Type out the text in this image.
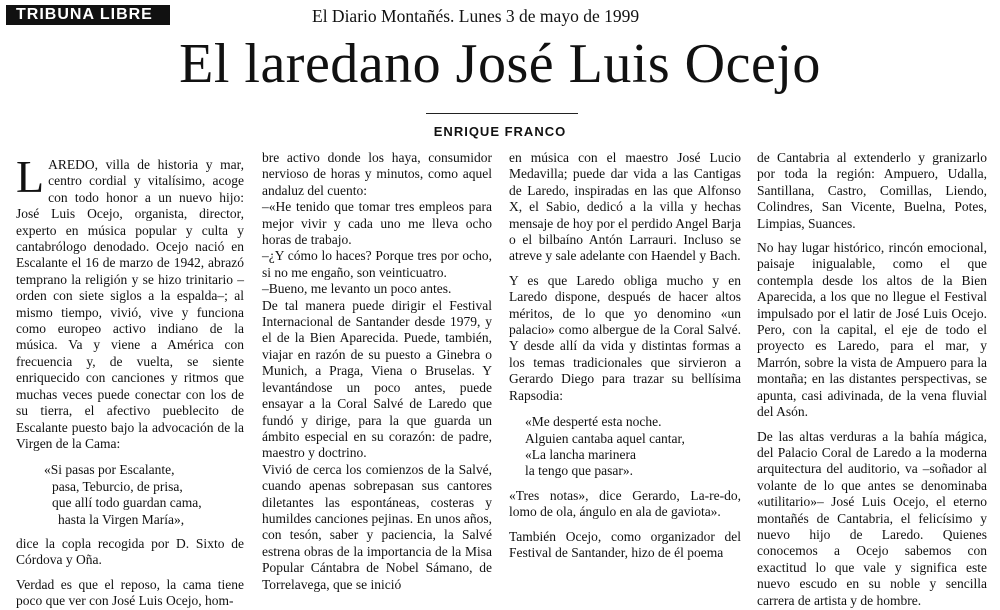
TRIBUNA LIBRE	El Diario Montañés. Lunes 3 de mayo de 1999
El laredano José Luis Ocejo
ENRIQUE FRANCO

LAREDO, villa de historia y mar, centro cordial y vitalísimo, acoge con todo honor a un nuevo hijo: José Luis Ocejo, organista, director, experto en música popular y culta y cantabrólogo denodado. Ocejo nació en Escalante el 16 de marzo de 1942, abrazó temprano la religión y se hizo trinitario –orden con siete siglos a la espalda–; al mismo tiempo, vivió, vive y funciona como europeo activo indiano de la música. Va y viene a América con frecuencia y, de vuelta, se siente enriquecido con canciones y ritmos que muchas veces puede conectar con los de su tierra, el afectivo pueblecito de Escalante puesto bajo la advocación de la Virgen de la Cama:

«Si pasas por Escalante,

pasa, Teburcio, de prisa,

que allí todo guardan cama,

hasta la Virgen María»,

dice la copla recogida por D. Sixto de Córdova y Oña.

Verdad es que el reposo, la cama tiene poco que ver con José Luis Ocejo, hom-

bre activo donde los haya, consumidor nervioso de horas y minutos, como aquel andaluz del cuento:

–«He tenido que tomar tres empleos para mejor vivir y cada uno me lleva ocho horas de trabajo.

–¿Y cómo lo haces? Porque tres por ocho, si no me engaño, son veinticuatro.

–Bueno, me levanto un poco antes.

De tal manera puede dirigir el Festival Internacional de Santander desde 1979, y el de la Bien Aparecida. Puede, también, viajar en razón de su puesto a Ginebra o Munich, a Praga, Viena o Bruselas. Y levantándose un poco antes, puede ensayar a la Coral Salvé de Laredo que fundó y dirige, para la que guarda un ámbito especial en su corazón: de padre, maestro y doctrino.

Vivió de cerca los comienzos de la Salvé, cuando apenas sobrepasan sus cantores diletantes las espontáneas, costeras y humildes canciones pejinas. En unos años, con tesón, saber y paciencia, la Salvé estrena obras de la importancia de la Misa Popular Cántabra de Nobel Sámano, de Torrelavega, que se inició

en música con el maestro José Lucio Medavilla; puede dar vida a las Cantigas de Laredo, inspiradas en las que Alfonso X, el Sabio, dedicó a la villa y hechas mensaje de hoy por el perdido Angel Barja o el bilbaíno Antón Larrauri. Incluso se atreve y sale adelante con Haendel y Bach.

Y es que Laredo obliga mucho y en Laredo dispone, después de hacer altos méritos, de lo que yo denomino «un palacio» como albergue de la Coral Salvé. Y desde allí da vida y distintas formas a los temas tradicionales que sirvieron a Gerardo Diego para trazar su bellísima Rapsodia:

«Me desperté esta noche.

Alguien cantaba aquel cantar,

«La lancha marinera

la tengo que pasar».

«Tres notas», dice Gerardo, La-re-do, lomo de ola, ángulo en ala de gaviota».

También Ocejo, como organizador del Festival de Santander, hizo de él poema

de Cantabria al extenderlo y granizarlo por toda la región: Ampuero, Udalla, Santillana, Castro, Comillas, Liendo, Colindres, San Vicente, Buelna, Potes, Limpias, Suances.

No hay lugar histórico, rincón emocional, paisaje inigualable, como el que contempla desde los altos de la Bien Aparecida, a los que no llegue el Festival impulsado por el latir de José Luis Ocejo. Pero, con la capital, el eje de todo el proyecto es Laredo, para el mar, y Marrón, sobre la vista de Ampuero para la montaña; en las distantes perspectivas, se apunta, casi adivinada, de la vena fluvial del Asón.

De las altas verduras a la bahía mágica, del Palacio Coral de Laredo a la moderna arquitectura del auditorio, va –soñador al volante de lo que antes se denominaba «utilitario»– José Luis Ocejo, el eterno montañés de Cantabria, el felicísimo y nuevo hijo de Laredo. Quienes conocemos a Ocejo sabemos con exactitud lo que vale y significa este nuevo escudo en su noble y sencilla carrera de artista y de hombre.
